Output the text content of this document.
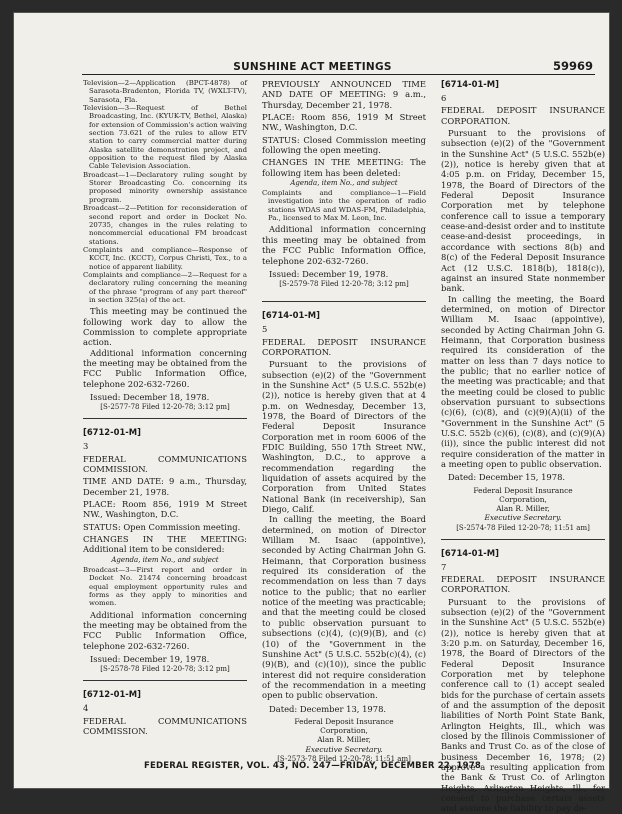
SUNSHINE ACT MEETINGS	59969

Television—2—Application (BPCT-4878) of Sarasota-Bradenton, Florida TV, (WXLT-TV), Sarasota, Fla.

Television—3—Request of Bethel Broadcasting, Inc. (KYUK-TV, Bethel, Alaska) for extension of Commission's action waiving section 73.621 of the rules to allow ETV station to carry commercial matter during Alaska satellite demonstration project, and opposition to the request filed by Alaska Cable Television Association.

Broadcast—1—Declaratory ruling sought by Storer Broadcasting Co. concerning its proposed minority ownership assistance program.

Broadcast—2—Petition for reconsideration of second report and order in Docket No. 20735, changes in the rules relating to noncommercial educational FM broadcast stations.

Complaints and compliance—Response of KCCT, Inc. (KCCT), Corpus Christi, Tex., to a notice of apparent liability.

Complaints and compliance—2—Request for a declaratory ruling concerning the meaning of the phrase "program of any part thereof" in section 325(a) of the act.

This meeting may be continued the following work day to allow the Commission to complete appropriate action.

Additional information concerning the meeting may be obtained from the FCC Public Information Office, telephone 202-632-7260.

Issued: December 18, 1978.

[S-2577-78 Filed 12-20-78; 3:12 pm]

[6712-01-M]

3

FEDERAL	COMMUNICATIONS
COMMISSION.

TIME AND DATE: 9 a.m., Thursday, December 21, 1978.

PLACE: Room 856, 1919 M Street NW., Washington, D.C.

STATUS: Open Commission meeting.

CHANGES IN THE MEETING: Additional item to be considered:

Agenda, item No., and subject

Broadcast—3—First report and order in Docket No. 21474 concerning broadcast equal employment opportunity rules and forms as they apply to minorities and women.

Additional information concerning the meeting may be obtained from the FCC Public Information Office, telephone 202-632-7260.

Issued: December 19, 1978.

[S-2578-78 Filed 12-20-78; 3:12 pm]

[6712-01-M]

4

FEDERAL	COMMUNICATIONS
COMMISSION.

PREVIOUSLY ANNOUNCED TIME AND DATE OF MEETING: 9 a.m., Thursday, December 21, 1978.

PLACE: Room 856, 1919 M Street NW., Washington, D.C.

STATUS: Closed Commission meeting following the open meeting.

CHANGES IN THE MEETING: The following item has been deleted:

Agenda, item No., and subject

Complaints and compliance—1—Field investigation into the operation of radio stations WDAS and WDAS-FM, Philadelphia, Pa., licensed to Max M. Leon, Inc.

Additional information concerning this meeting may be obtained from the FCC Public Information Office, telephone 202-632-7260.

Issued: December 19, 1978.

[S-2579-78 Filed 12-20-78; 3:12 pm]

[6714-01-M]

5

FEDERAL DEPOSIT INSURANCE CORPORATION.

Pursuant to the provisions of subsection (e)(2) of the "Government in the Sunshine Act" (5 U.S.C. 552b(e)(2)), notice is hereby given that at 4 p.m. on Wednesday, December 13, 1978, the Board of Directors of the Federal Deposit Insurance Corporation met in room 6006 of the FDIC Building, 550 17th Street NW., Washington, D.C., to approve a recommendation regarding the liquidation of assets acquired by the Corporation from United States National Bank (in receivership), San Diego, Calif.

In calling the meeting, the Board determined, on motion of Director William M. Isaac (appointive), seconded by Acting Chairman John G. Heimann, that Corporation business required its consideration of the recommendation on less than 7 days notice to the public; that no earlier notice of the meeting was practicable; and that the meeting could be closed to public observation pursuant to subsections (c)(4), (c)(9)(B), and (c)(10) of the "Government in the Sunshine Act" (5 U.S.C. 552b(c)(4), (c)(9)(B), and (c)(10)), since the public interest did not require consideration of the recommendation in a meeting open to public observation.

Dated: December 13, 1978.

Federal Deposit Insurance

Corporation,

Alan R. Miller,

Executive Secretary.

[S-2573-78 Filed 12-20-78; 11:51 am]

[6714-01-M]

6

FEDERAL DEPOSIT INSURANCE CORPORATION.

Pursuant to the provisions of subsection (e)(2) of the "Government in the Sunshine Act" (5 U.S.C. 552b(e)(2)), notice is hereby given that at 4:05 p.m. on Friday, December 15, 1978, the Board of Directors of the Federal Deposit Insurance Corporation met by telephone conference call to issue a temporary cease-and-desist order and to institute cease-and-desist proceedings, in accordance with sections 8(b) and 8(c) of the Federal Deposit Insurance Act (12 U.S.C. 1818(b), 1818(c)), against an insured State nonmember bank.

In calling the meeting, the Board determined, on motion of Director William M. Isaac (appointive), seconded by Acting Chairman John G. Heimann, that Corporation business required its consideration of the matter on less than 7 days notice to the public; that no earlier notice of the meeting was practicable; and that the meeting could be closed to public observation pursuant to subsections (c)(6), (c)(8), and (c)(9)(A)(ii) of the "Government in the Sunshine Act" (5 U.S.C. 552b (c)(6), (c)(8), and (c)(9)(A)(ii)), since the public interest did not require consideration of the matter in a meeting open to public observation.

Dated: December 15, 1978.

Federal Deposit Insurance

Corporation,

Alan R. Miller,

Executive Secretary.

[S-2574-78 Filed 12-20-78; 11:51 am]

[6714-01-M]

7

FEDERAL DEPOSIT INSURANCE CORPORATION.

Pursuant to the provisions of subsection (e)(2) of the "Government in the Sunshine Act" (5 U.S.C. 552b(e)(2)), notice is hereby given that at 3:20 p.m. on Saturday, December 16, 1978, the Board of Directors of the Federal Deposit Insurance Corporation met by telephone conference call to (1) accept sealed bids for the purchase of certain assets of and the assumption of the deposit liabilities of North Point State Bank, Arlington Heights, Ill., which was closed by the Illinois Commissioner of Banks and Trust Co. as of the close of business December 16, 1978; (2) approve a resulting application from the Bank & Trust Co. of Arlington Heights, Arlington Heights, Ill., for consent to purchase certain assets and assume the liability to pay de-

FEDERAL REGISTER, VOL. 43, NO. 247—FRIDAY, DECEMBER 22, 1978
